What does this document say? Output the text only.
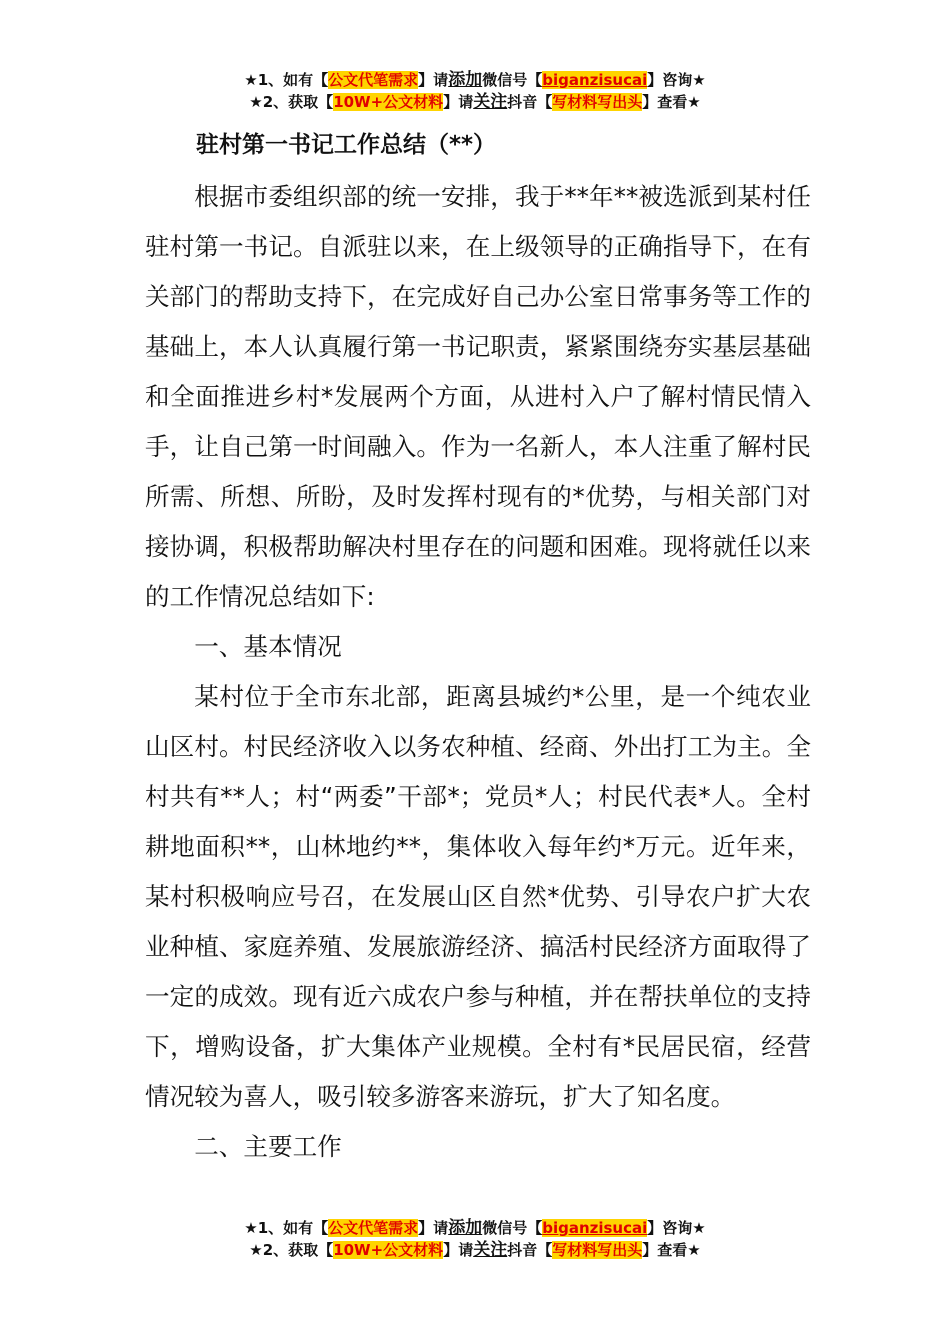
★1、如有【公文代笔需求】请添加微信号【biganzisucai】咨询★
★2、获取【10W+公文材料】请关注抖音【写材料写出头】查看★
驻村第一书记工作总结（**）

根据市委组织部的统一安排，我于**年**被选派到某村任驻村第一书记。自派驻以来，在上级领导的正确指导下，在有关部门的帮助支持下，在完成好自己办公室日常事务等工作的基础上，本人认真履行第一书记职责，紧紧围绕夯实基层基础和全面推进乡村*发展两个方面，从进村入户了解村情民情入手，让自己第一时间融入。作为一名新人，本人注重了解村民所需、所想、所盼，及时发挥村现有的*优势，与相关部门对接协调，积极帮助解决村里存在的问题和困难。现将就任以来的工作情况总结如下:

一、基本情况

某村位于全市东北部，距离县城约*公里，是一个纯农业山区村。村民经济收入以务农种植、经商、外出打工为主。全村共有**人；村“两委”干部*；党员*人；村民代表*人。全村耕地面积**，山林地约**，集体收入每年约*万元。近年来，某村积极响应号召，在发展山区自然*优势、引导农户扩大农业种植、家庭养殖、发展旅游经济、搞活村民经济方面取得了一定的成效。现有近六成农户参与种植，并在帮扶单位的支持下，增购设备，扩大集体产业规模。全村有*民居民宿，经营情况较为喜人，吸引较多游客来游玩，扩大了知名度。

二、主要工作

★1、如有【公文代笔需求】请添加微信号【biganzisucai】咨询★
★2、获取【10W+公文材料】请关注抖音【写材料写出头】查看★
